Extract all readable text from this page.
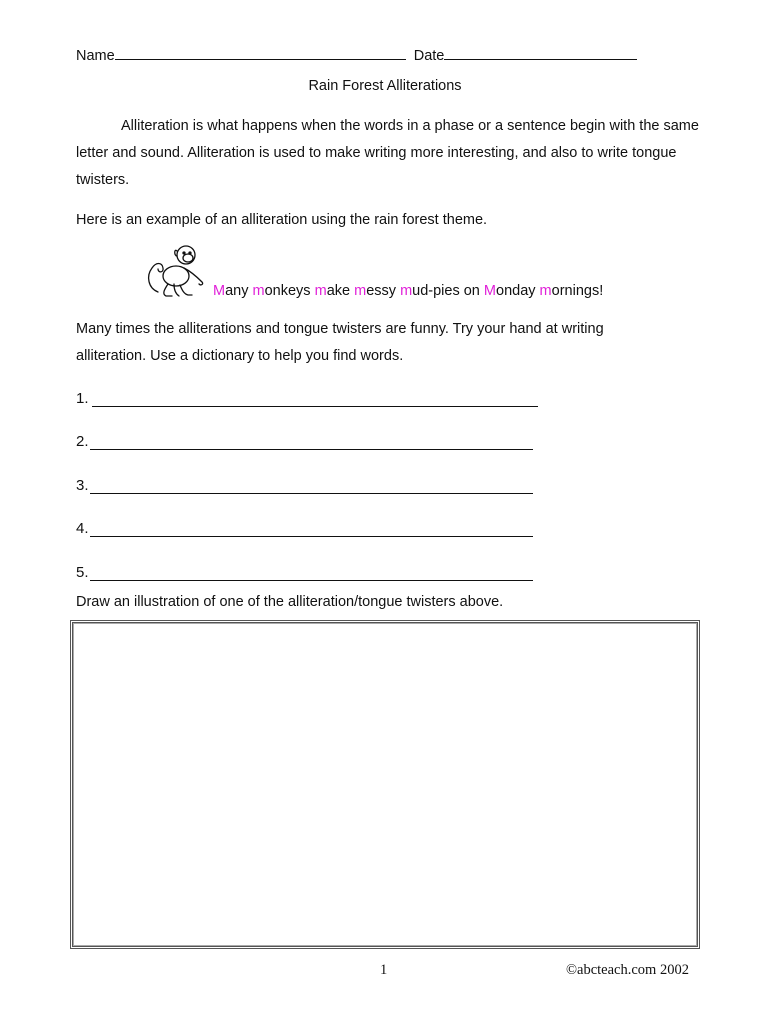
Name	Date
Rain Forest Alliterations
Alliteration is what happens when the words in a phase or a sentence begin with the same letter and sound. Alliteration is used to make writing more interesting, and also to write tongue twisters.
Here is an example of an alliteration using the rain forest theme.
Many monkeys make messy mud-pies on Monday mornings!
Many times the alliterations and tongue twisters are funny. Try your hand at writing alliteration. Use a dictionary to help you find words.
1.
2.
3.
4.
5.
Draw an illustration of one of the alliteration/tongue twisters above.
1	©abcteach.com 2002
